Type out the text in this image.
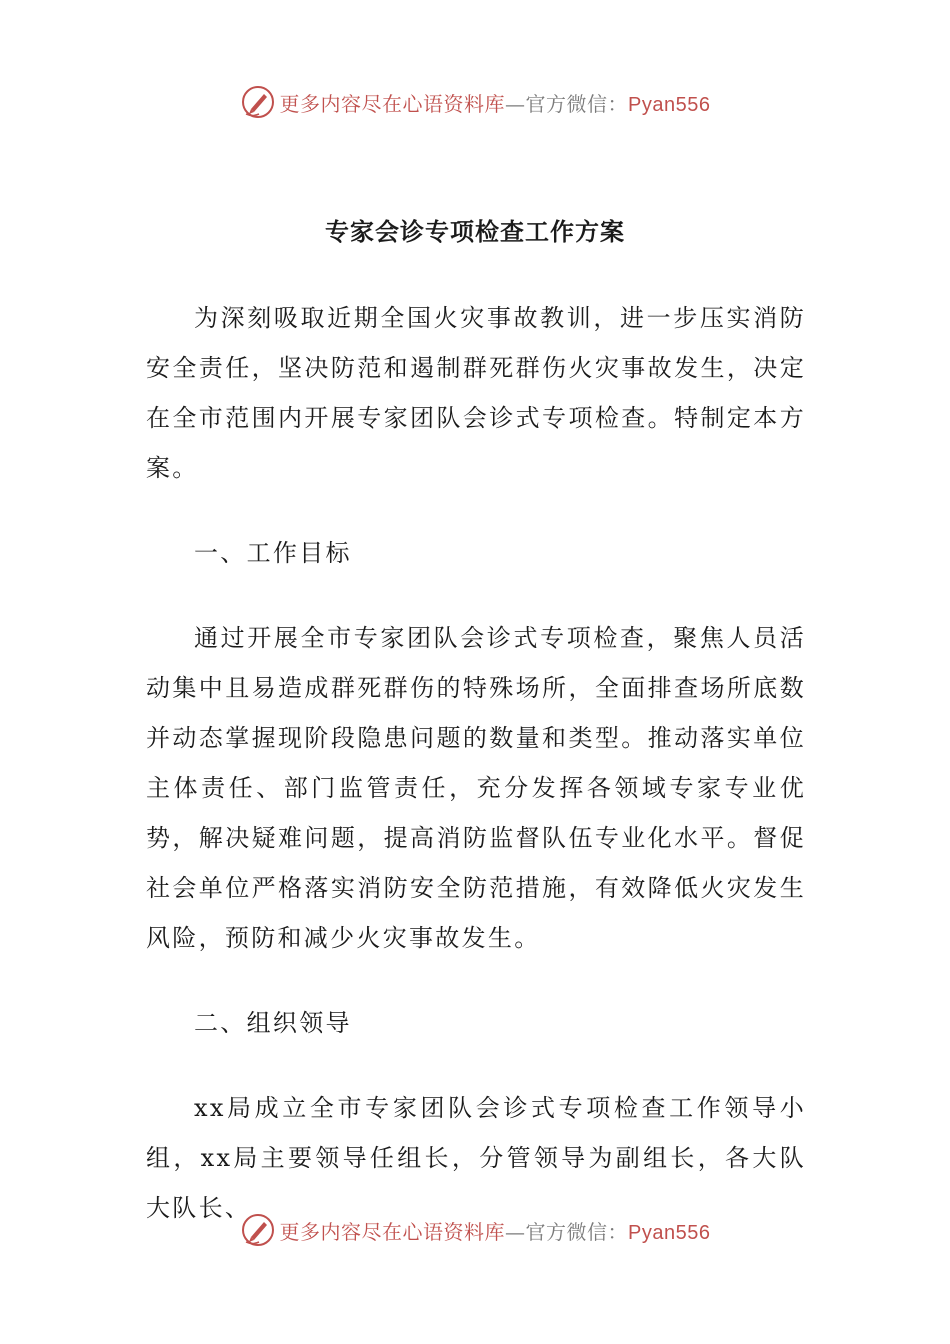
更多内容尽在心语资料库—官方微信：Pyan556
专家会诊专项检查工作方案

为深刻吸取近期全国火灾事故教训，进一步压实消防安全责任，坚决防范和遏制群死群伤火灾事故发生，决定在全市范围内开展专家团队会诊式专项检查。特制定本方案。

一、工作目标

通过开展全市专家团队会诊式专项检查，聚焦人员活动集中且易造成群死群伤的特殊场所，全面排查场所底数并动态掌握现阶段隐患问题的数量和类型。推动落实单位主体责任、部门监管责任，充分发挥各领域专家专业优势，解决疑难问题，提高消防监督队伍专业化水平。督促社会单位严格落实消防安全防范措施，有效降低火灾发生风险，预防和减少火灾事故发生。

二、组织领导

xx局成立全市专家团队会诊式专项检查工作领导小组，xx局主要领导任组长，分管领导为副组长，各大队大队长、

更多内容尽在心语资料库—官方微信：Pyan556
